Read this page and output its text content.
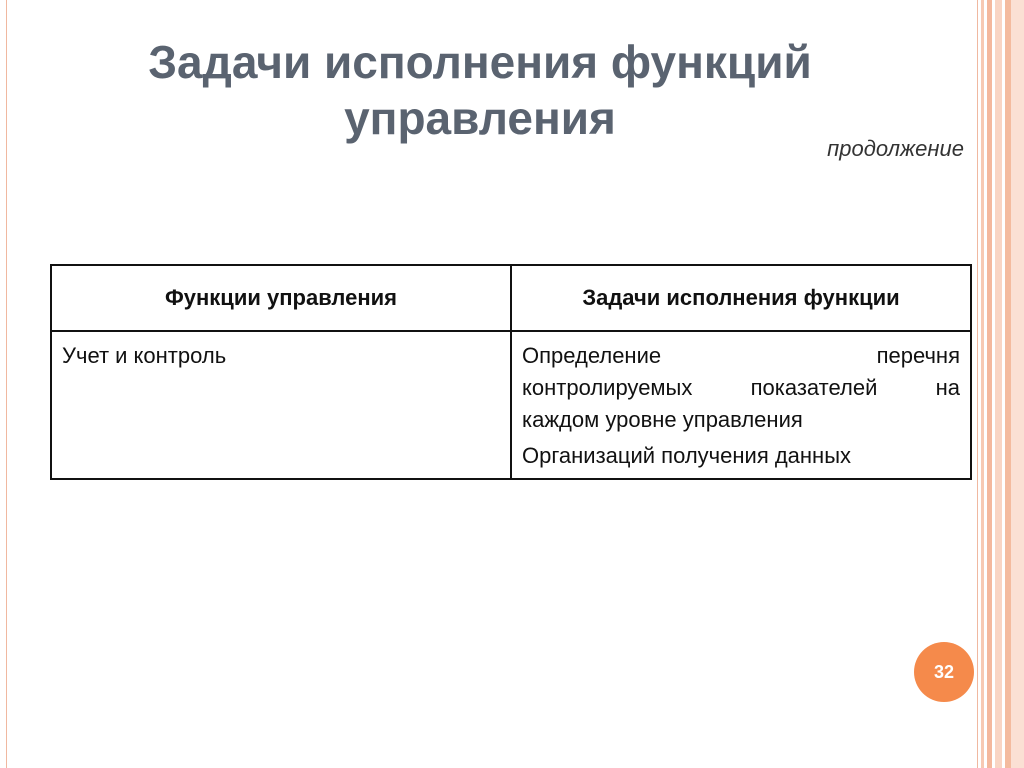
Задачи исполнения функций
управления
продолжение
Функции управления	Задачи исполнения функции
Учет и контроль	Определение перечня
контролируемых показателей на
каждом уровне управления
Организаций получения данных
32
